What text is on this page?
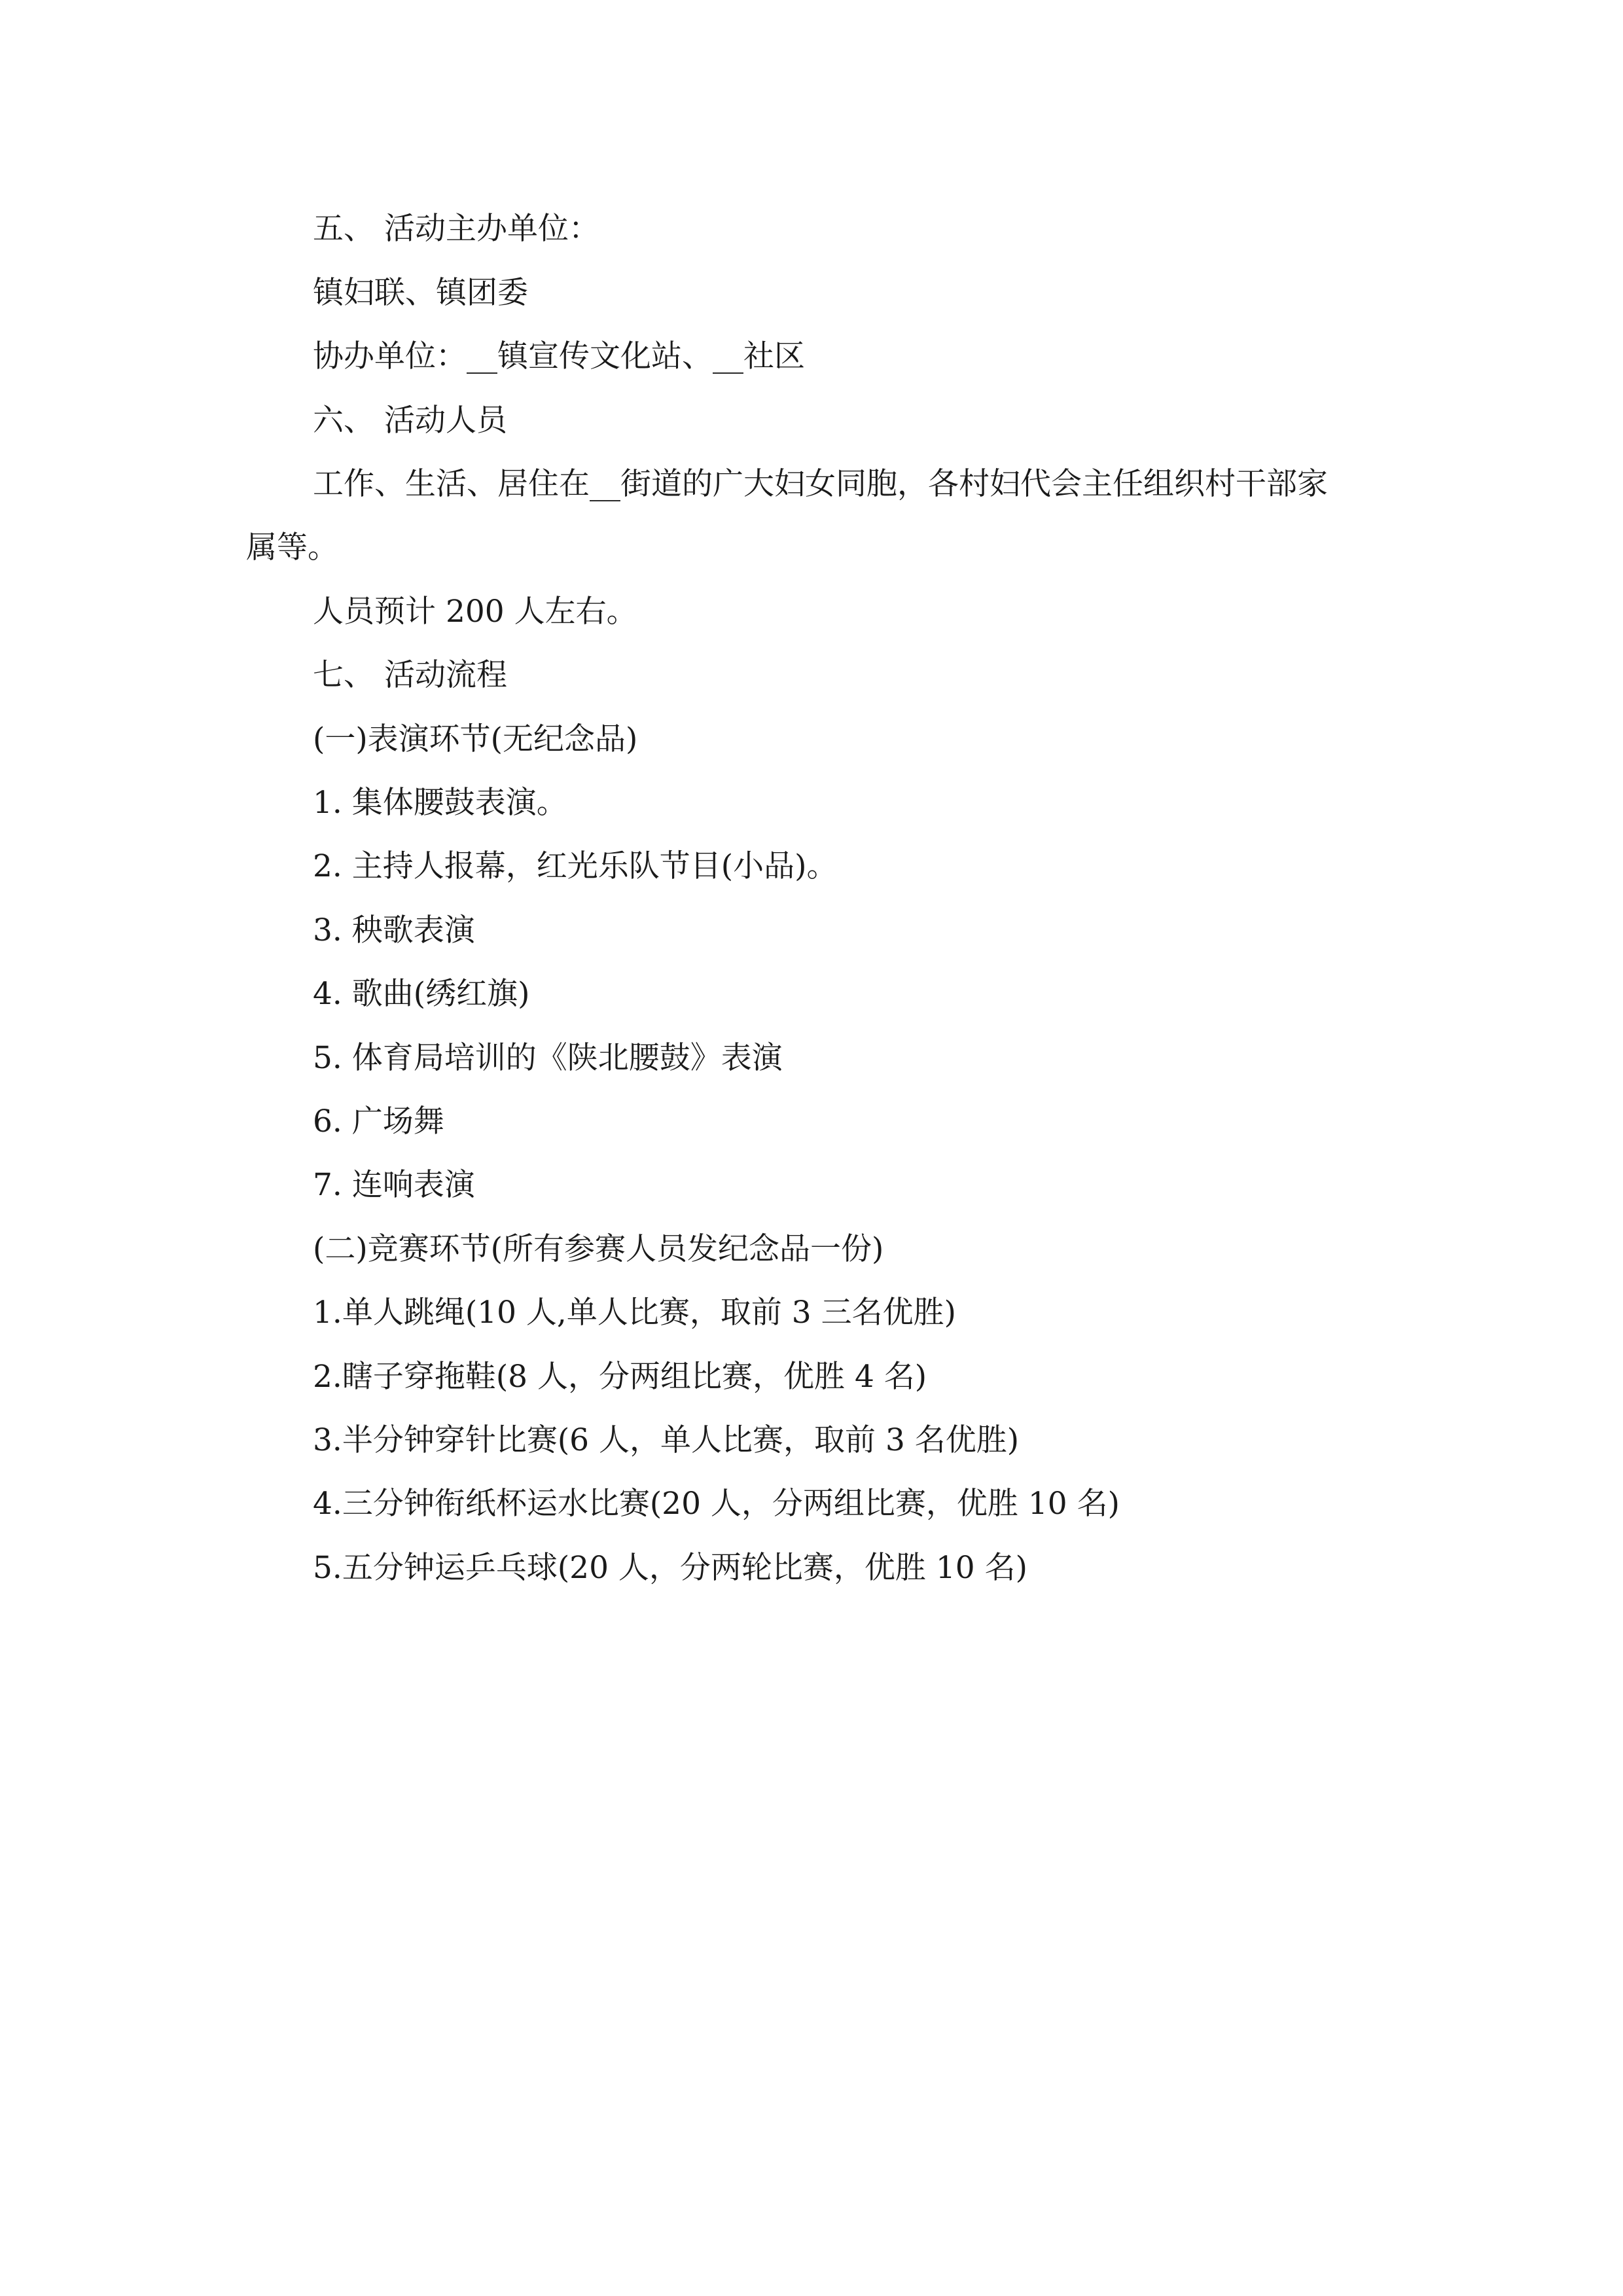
五、 活动主办单位：

镇妇联、镇团委

协办单位：__镇宣传文化站、__社区

六、 活动人员

工作、生活、居住在__街道的广大妇女同胞，各村妇代会主任组织村干部家

属等。

人员预计 200 人左右。

七、 活动流程

(一)表演环节(无纪念品)

1. 集体腰鼓表演。

2. 主持人报幕，红光乐队节目(小品)。

3. 秧歌表演

4. 歌曲(绣红旗)

5. 体育局培训的《陕北腰鼓》表演

6. 广场舞

7. 连响表演

(二)竞赛环节(所有参赛人员发纪念品一份)

1.单人跳绳(10 人,单人比赛，取前 3 三名优胜)

2.瞎子穿拖鞋(8 人，分两组比赛，优胜 4 名)

3.半分钟穿针比赛(6 人，单人比赛，取前 3 名优胜)

4.三分钟衔纸杯运水比赛(20 人，分两组比赛，优胜 10 名)

5.五分钟运乒乓球(20 人，分两轮比赛，优胜 10 名)
